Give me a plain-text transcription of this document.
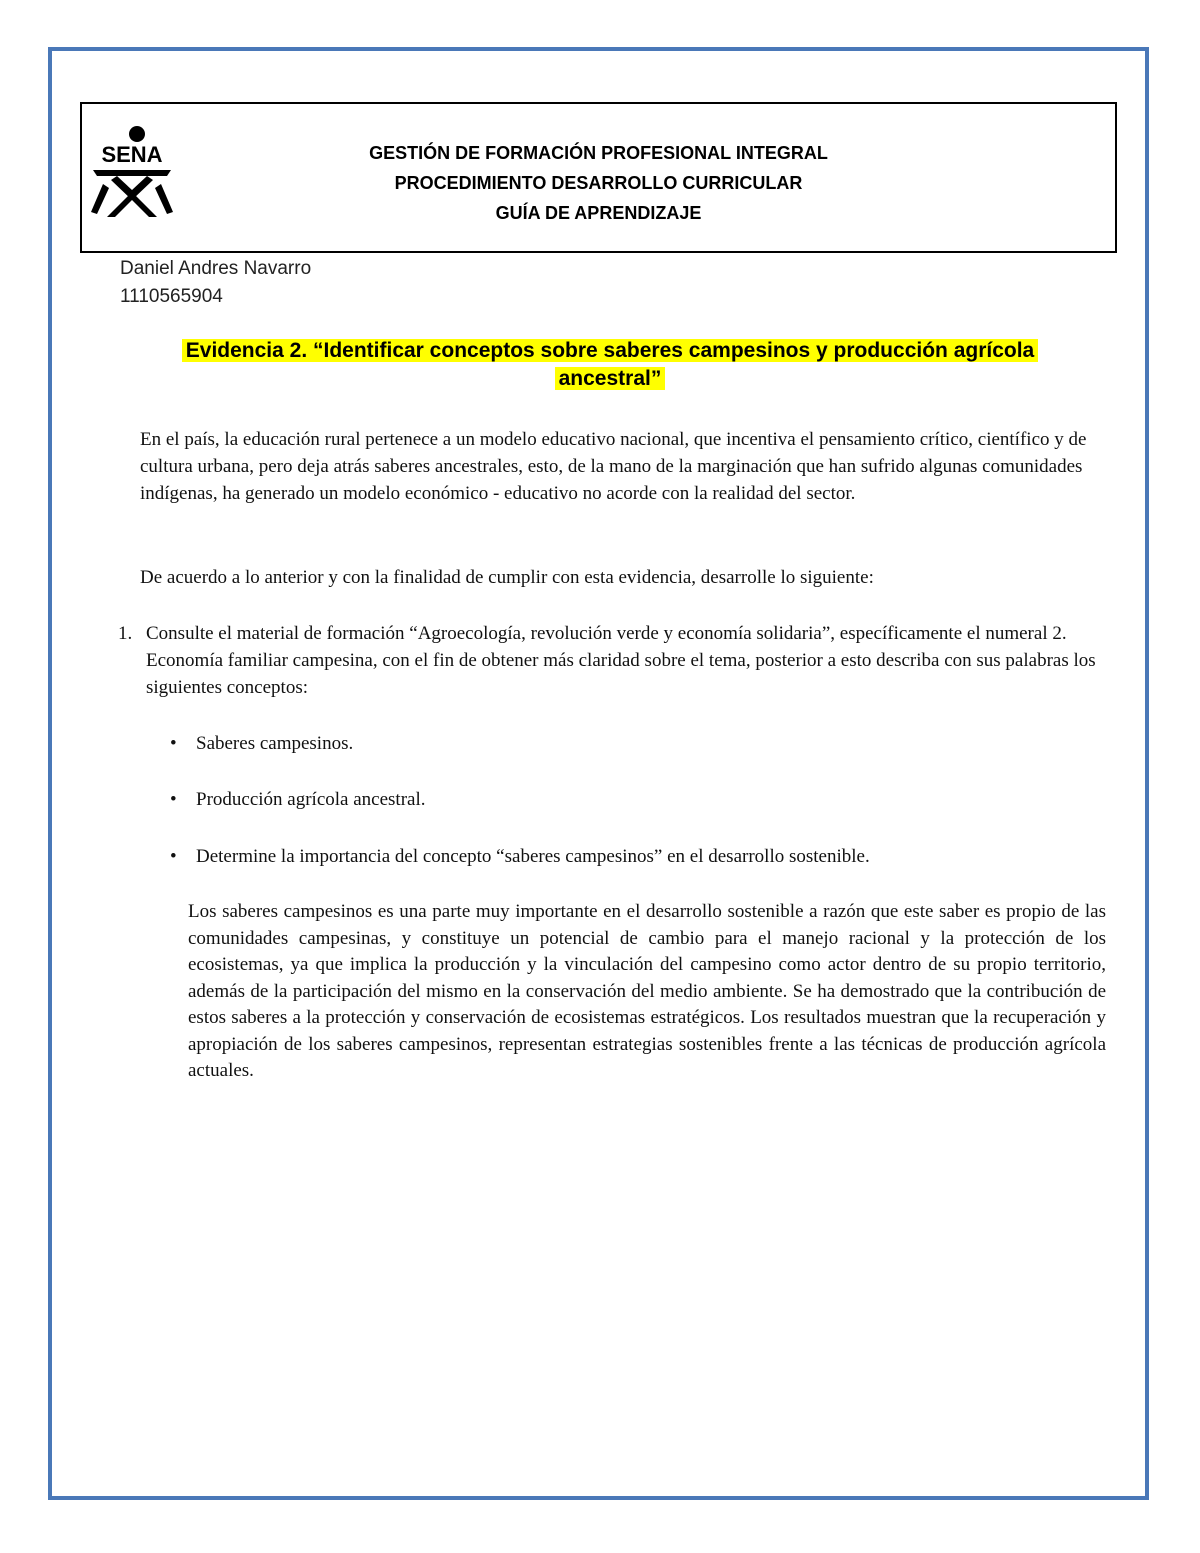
SENA	GESTIÓN DE FORMACIÓN PROFESIONAL INTEGRAL
PROCEDIMIENTO DESARROLLO CURRICULAR
GUÍA DE APRENDIZAJE
Daniel Andres Navarro
1110565904
Evidencia 2. “Identificar conceptos sobre saberes campesinos y producción agrícola
ancestral”

En el país, la educación rural pertenece a un modelo educativo nacional, que incentiva el pensamiento crítico, científico y de cultura urbana, pero deja atrás saberes ancestrales, esto, de la mano de la marginación que han sufrido algunas comunidades indígenas, ha generado un modelo económico - educativo no acorde con la realidad del sector.

De acuerdo a lo anterior y con la finalidad de cumplir con esta evidencia, desarrolle lo siguiente:

1. Consulte el material de formación “Agroecología, revolución verde y economía solidaria”, específicamente el numeral 2. Economía familiar campesina, con el fin de obtener más claridad sobre el tema, posterior a esto describa con sus palabras los siguientes conceptos:
• Saberes campesinos.
• Producción agrícola ancestral.
• Determine la importancia del concepto “saberes campesinos” en el desarrollo sostenible.

Los saberes campesinos es una parte muy importante en el desarrollo sostenible a razón que este saber es propio de las comunidades campesinas, y constituye un potencial de cambio para el manejo racional y la protección de los ecosistemas, ya que implica la producción y la vinculación del campesino como actor dentro de su propio territorio, además de la participación del mismo en la conservación del medio ambiente. Se ha demostrado que la contribución de estos saberes a la protección y conservación de ecosistemas estratégicos. Los resultados muestran que la recuperación y apropiación de los saberes campesinos, representan estrategias sostenibles frente a las técnicas de producción agrícola actuales.
